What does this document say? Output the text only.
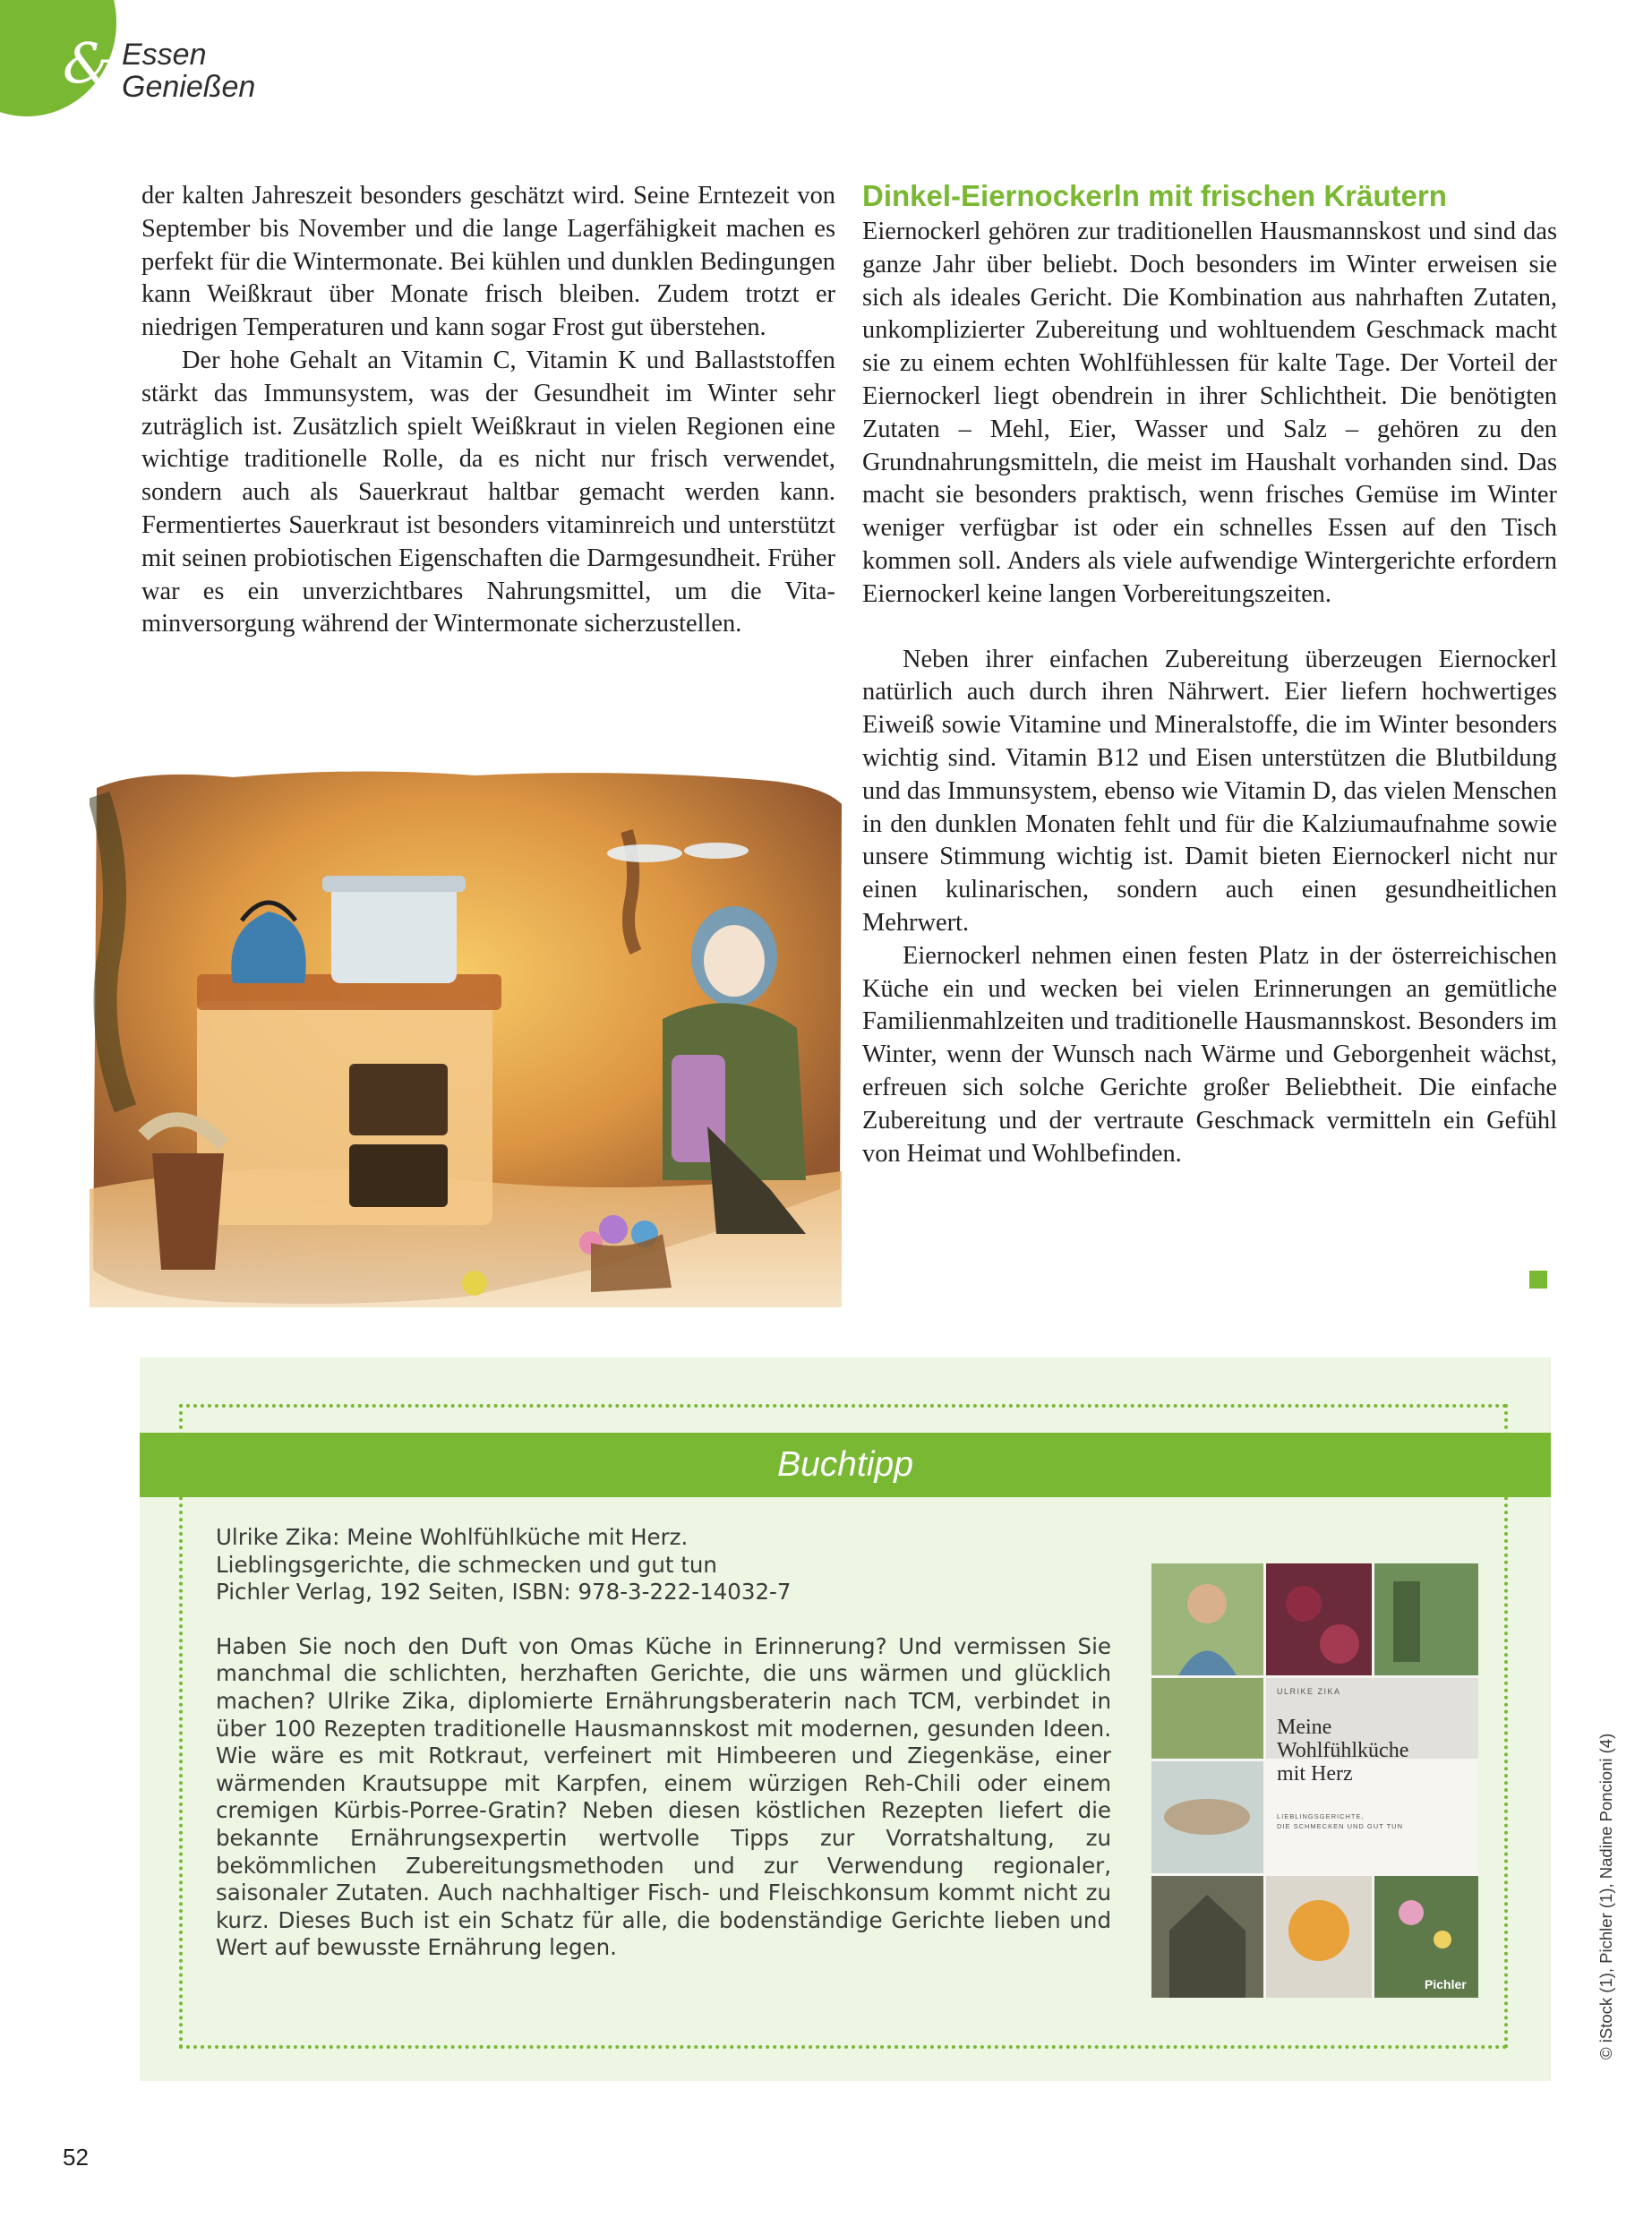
& Essen
Genießen

der kalten Jahreszeit besonders geschätzt wird. Seine Erntezeit von September bis November und die lange Lagerfähigkeit machen es perfekt für die Wintermonate. Bei kühlen und dunklen Bedingungen kann Weißkraut über Monate frisch bleiben. Zudem trotzt er niedrigen Temperaturen und kann sogar Frost gut überstehen.

Der hohe Gehalt an Vitamin C, Vitamin K und Ballaststoffen stärkt das Immunsystem, was der Gesundheit im Winter sehr zuträglich ist. Zusätzlich spielt Weißkraut in vielen Regionen eine wichtige traditionelle Rolle, da es nicht nur frisch verwendet, sondern auch als Sauerkraut haltbar gemacht werden kann. Fermentiertes Sauerkraut ist besonders vitaminreich und unterstützt mit seinen probiotischen Eigenschaften die Darmgesundheit. Früher war es ein unverzichtbares Nahrungsmittel, um die Vitaminversorgung während der Wintermonate sicherzustellen.

Dinkel-Eiernockerln mit frischen Kräutern

Eiernockerl gehören zur traditionellen Hausmannskost und sind das ganze Jahr über beliebt. Doch besonders im Winter erweisen sie sich als ideales Gericht. Die Kombination aus nahrhaften Zutaten, unkomplizierter Zubereitung und wohltuendem Geschmack macht sie zu einem echten Wohlfühlessen für kalte Tage. Der Vorteil der Eiernockerl liegt obendrein in ihrer Schlichtheit. Die benötigten Zutaten – Mehl, Eier, Wasser und Salz – gehören zu den Grundnahrungsmitteln, die meist im Haushalt vorhanden sind. Das macht sie besonders praktisch, wenn frisches Gemüse im Winter weniger verfügbar ist oder ein schnelles Essen auf den Tisch kommen soll. Anders als viele aufwendige Wintergerichte erfordern Eiernockerl keine langen Vorbereitungszeiten.

Neben ihrer einfachen Zubereitung überzeugen Eiernockerl natürlich auch durch ihren Nährwert. Eier liefern hochwertiges Eiweiß sowie Vitamine und Mineralstoffe, die im Winter besonders wichtig sind. Vitamin B12 und Eisen unterstützen die Blutbildung und das Immunsystem, ebenso wie Vitamin D, das vielen Menschen in den dunklen Monaten fehlt und für die Kalziumaufnahme sowie unsere Stimmung wichtig ist. Damit bieten Eiernockerl nicht nur einen kulinarischen, sondern auch einen gesundheitlichen Mehrwert.

Eiernockerl nehmen einen festen Platz in der österreichischen Küche ein und wecken bei vielen Erinnerungen an gemütliche Familienmahlzeiten und traditionelle Hausmannskost. Besonders im Winter, wenn der Wunsch nach Wärme und Geborgenheit wächst, erfreuen sich solche Gerichte großer Beliebtheit. Die einfache Zubereitung und der vertraute Geschmack vermitteln ein Gefühl von Heimat und Wohlbefinden.

Buchtipp

Ulrike Zika: Meine Wohlfühlküche mit Herz.

Lieblingsgerichte, die schmecken und gut tun

Pichler Verlag, 192 Seiten, ISBN: 978-3-222-14032-7

Haben Sie noch den Duft von Omas Küche in Erinnerung? Und vermissen Sie manchmal die schlichten, herzhaften Gerichte, die uns wärmen und glücklich machen? Ulrike Zika, diplomierte Ernährungsberaterin nach TCM, verbindet in über 100 Rezepten traditionelle Hausmannskost mit modernen, gesunden Ideen. Wie wäre es mit Rotkraut, verfeinert mit Himbeeren und Ziegenkäse, einer wärmenden Krautsuppe mit Karpfen, einem würzigen Reh-Chili oder einem cremigen Kürbis-Porree-Gratin? Neben diesen köstlichen Rezepten liefert die bekannte Ernährungsexpertin wertvolle Tipps zur Vorratshaltung, zu bekömmlichen Zubereitungsmethoden und zur Verwendung regionaler, saisonaler Zutaten. Auch nachhaltiger Fisch- und Fleischkonsum kommt nicht zu kurz. Dieses Buch ist ein Schatz für alle, die bodenständige Gerichte lieben und Wert auf bewusste Ernährung legen.

ULRIKE ZIKA
Meine
Wohlfühlküche
mit Herz
LIEBLINGSGERICHTE,
DIE SCHMECKEN UND GUT TUN
Pichler
52
© iStock (1), Pichler (1), Nadine Poncioni (4)
